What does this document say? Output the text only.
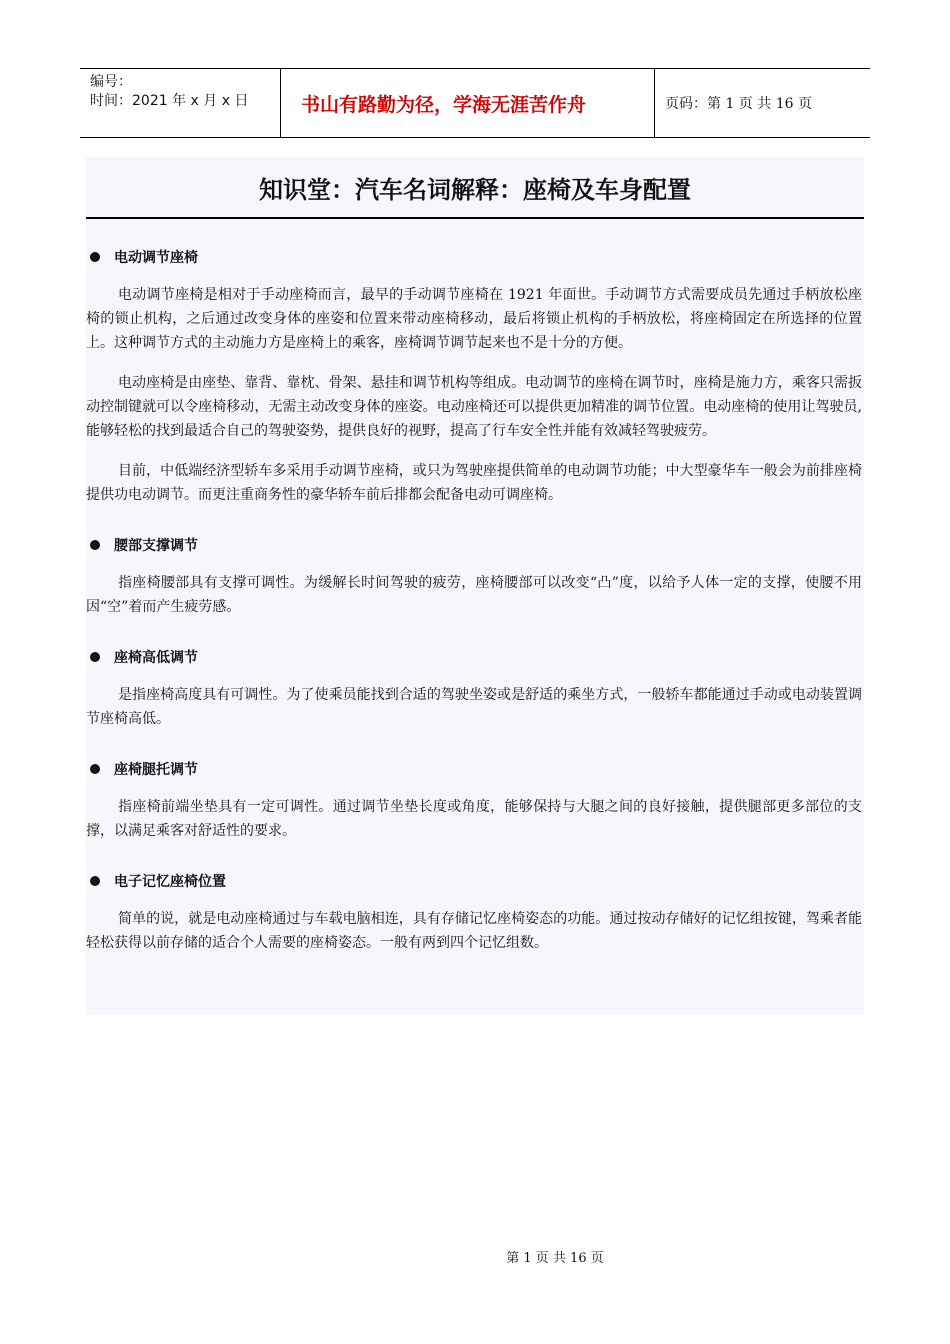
编号：
时间：2021 年 x 月 x 日	书山有路勤为径，学海无涯苦作舟	页码：第 1 页 共 16 页
知识堂：汽车名词解释：座椅及车身配置
电动调节座椅

电动调节座椅是相对于手动座椅而言，最早的手动调节座椅在 1921 年面世。手动调节方式需要成员先通过手柄放松座椅的锁止机构，之后通过改变身体的座姿和位置来带动座椅移动，最后将锁止机构的手柄放松，将座椅固定在所选择的位置上。这种调节方式的主动施力方是座椅上的乘客，座椅调节调节起来也不是十分的方便。

电动座椅是由座垫、靠背、靠枕、骨架、悬挂和调节机构等组成。电动调节的座椅在调节时，座椅是施力方，乘客只需扳动控制键就可以令座椅移动，无需主动改变身体的座姿。电动座椅还可以提供更加精准的调节位置。电动座椅的使用让驾驶员,能够轻松的找到最适合自己的驾驶姿势，提供良好的视野，提高了行车安全性并能有效减轻驾驶疲劳。

目前，中低端经济型轿车多采用手动调节座椅，或只为驾驶座提供简单的电动调节功能；中大型豪华车一般会为前排座椅提供功电动调节。而更注重商务性的豪华轿车前后排都会配备电动可调座椅。

腰部支撑调节

指座椅腰部具有支撑可调性。为缓解长时间驾驶的疲劳，座椅腰部可以改变“凸”度，以给予人体一定的支撑，使腰不用因“空”着而产生疲劳感。

座椅高低调节

是指座椅高度具有可调性。为了使乘员能找到合适的驾驶坐姿或是舒适的乘坐方式，一般轿车都能通过手动或电动装置调节座椅高低。

座椅腿托调节

指座椅前端坐垫具有一定可调性。通过调节坐垫长度或角度，能够保持与大腿之间的良好接触，提供腿部更多部位的支撑，以满足乘客对舒适性的要求。

电子记忆座椅位置

简单的说，就是电动座椅通过与车载电脑相连，具有存储记忆座椅姿态的功能。通过按动存储好的记忆组按键，驾乘者能轻松获得以前存储的适合个人需要的座椅姿态。一般有两到四个记忆组数。

第 1 页 共 16 页
